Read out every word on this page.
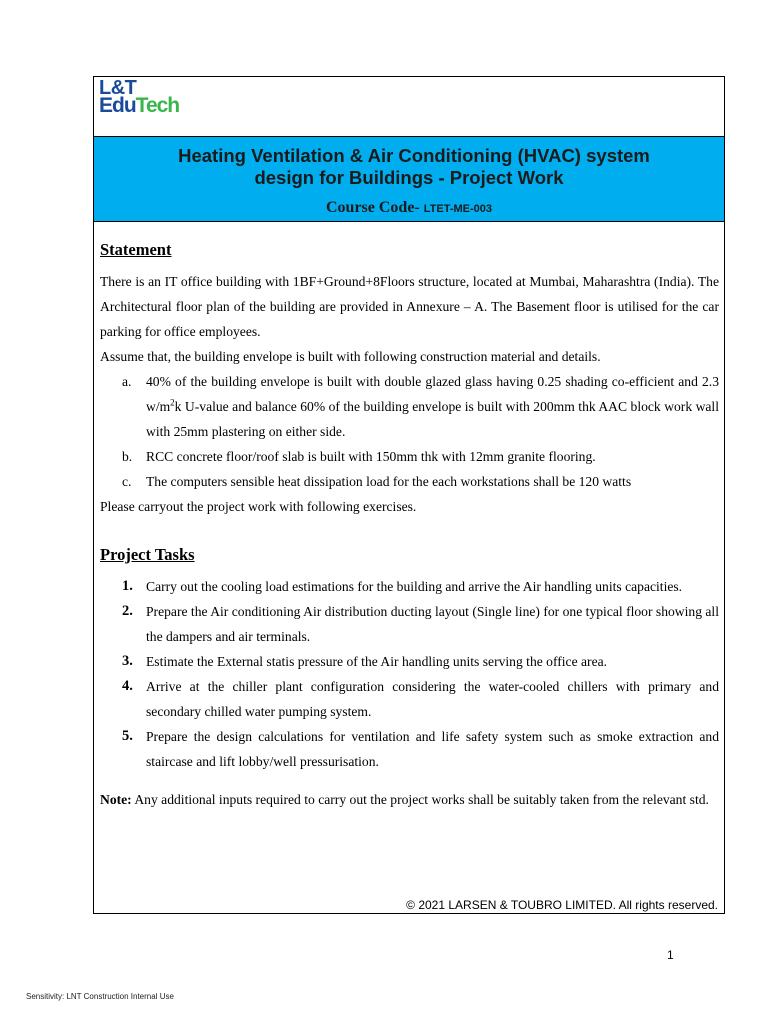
L&T
EduTech
Heating Ventilation & Air Conditioning (HVAC) system
design for Buildings - Project Work
Course Code- LTET-ME-003
Statement

There is an IT office building with 1BF+Ground+8Floors structure, located at Mumbai, Maharashtra (India). The Architectural floor plan of the building are provided in Annexure – A. The Basement floor is utilised for the car parking for office employees.

Assume that, the building envelope is built with following construction material and details.

a. 40% of the building envelope is built with double glazed glass having 0.25 shading co-efficient and 2.3 $w/m^2k$ U-value and balance 60% of the building envelope is built with 200mm thk AAC block work wall with 25mm plastering on either side.
b. RCC concrete floor/roof slab is built with 150mm thk with 12mm granite flooring.
c. The computers sensible heat dissipation load for the each workstations shall be 120 watts

Please carryout the project work with following exercises.

Project Tasks
1. Carry out the cooling load estimations for the building and arrive the Air handling units capacities.
2. Prepare the Air conditioning Air distribution ducting layout (Single line) for one typical floor showing all the dampers and air terminals.
3. Estimate the External statis pressure of the Air handling units serving the office area.
4. Arrive at the chiller plant configuration considering the water-cooled chillers with primary and secondary chilled water pumping system.
5. Prepare the design calculations for ventilation and life safety system such as smoke extraction and staircase and lift lobby/well pressurisation.

Note: Any additional inputs required to carry out the project works shall be suitably taken from the relevant std.

© 2021 LARSEN & TOUBRO LIMITED. All rights reserved.
1
Sensitivity: LNT Construction Internal Use
